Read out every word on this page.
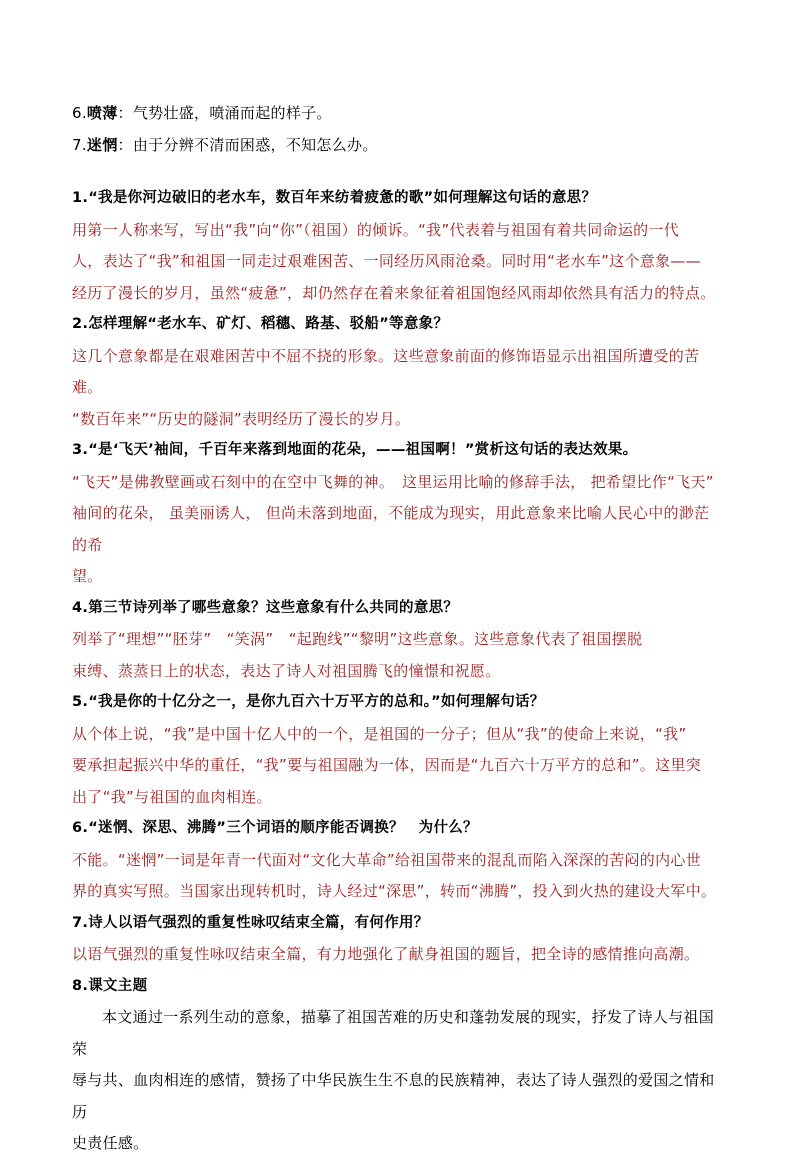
6.喷薄：气势壮盛，喷涌而起的样子。

7.迷惘：由于分辨不清而困惑，不知怎么办。

1.“我是你河边破旧的老水车，数百年来纺着疲惫的歌”如何理解这句话的意思？

用第一人称来写，写出“我”向“你”（祖国）的倾诉。“我”代表着与祖国有着共同命运的一代

人，表达了“我”和祖国一同走过艰难困苦、一同经历风雨沧桑。同时用“老水车”这个意象——

经历了漫长的岁月，虽然“疲惫”，却仍然存在着来象征着祖国饱经风雨却依然具有活力的特点。

2.怎样理解“老水车、矿灯、稻穗、路基、驳船”等意象？

这几个意象都是在艰难困苦中不屈不挠的形象。这些意象前面的修饰语显示出祖国所遭受的苦难。

“数百年来”“历史的隧洞”表明经历了漫长的岁月。

3.“是‘飞天’袖间，千百年来落到地面的花朵，——祖国啊！”赏析这句话的表达效果。

“飞天”是佛教壁画或石刻中的在空中飞舞的神。　这里运用比喻的修辞手法， 把希望比作“飞天”

袖间的花朵， 虽美丽诱人， 但尚未落到地面，不能成为现实，用此意象来比喻人民心中的渺茫的希

望。

4.第三节诗列举了哪些意象？这些意象有什么共同的意思？

列举了“理想”“胚芽”　“笑涡”　“起跑线”“黎明”这些意象。这些意象代表了祖国摆脱

束缚、蒸蒸日上的状态，表达了诗人对祖国腾飞的憧憬和祝愿。

5.“我是你的十亿分之一，是你九百六十万平方的总和。”如何理解句话？

从个体上说，“我”是中国十亿人中的一个，是祖国的一分子；但从“我”的使命上来说，“我”

要承担起振兴中华的重任，“我”要与祖国融为一体，因而是“九百六十万平方的总和”。这里突

出了“我”与祖国的血肉相连。

6.“迷惘、深思、沸腾”三个词语的顺序能否调换？　为什么？

不能。“迷惘”一词是年青一代面对“文化大革命”给祖国带来的混乱而陷入深深的苦闷的内心世

界的真实写照。当国家出现转机时，诗人经过“深思”，转而“沸腾”，投入到火热的建设大军中。

7.诗人以语气强烈的重复性咏叹结束全篇，有何作用？

以语气强烈的重复性咏叹结束全篇，有力地强化了献身祖国的题旨，把全诗的感情推向高潮。

8.课文主题

本文通过一系列生动的意象，描摹了祖国苦难的历史和蓬勃发展的现实，抒发了诗人与祖国荣

辱与共、血肉相连的感情，赞扬了中华民族生生不息的民族精神，表达了诗人强烈的爱国之情和历

史责任感。
